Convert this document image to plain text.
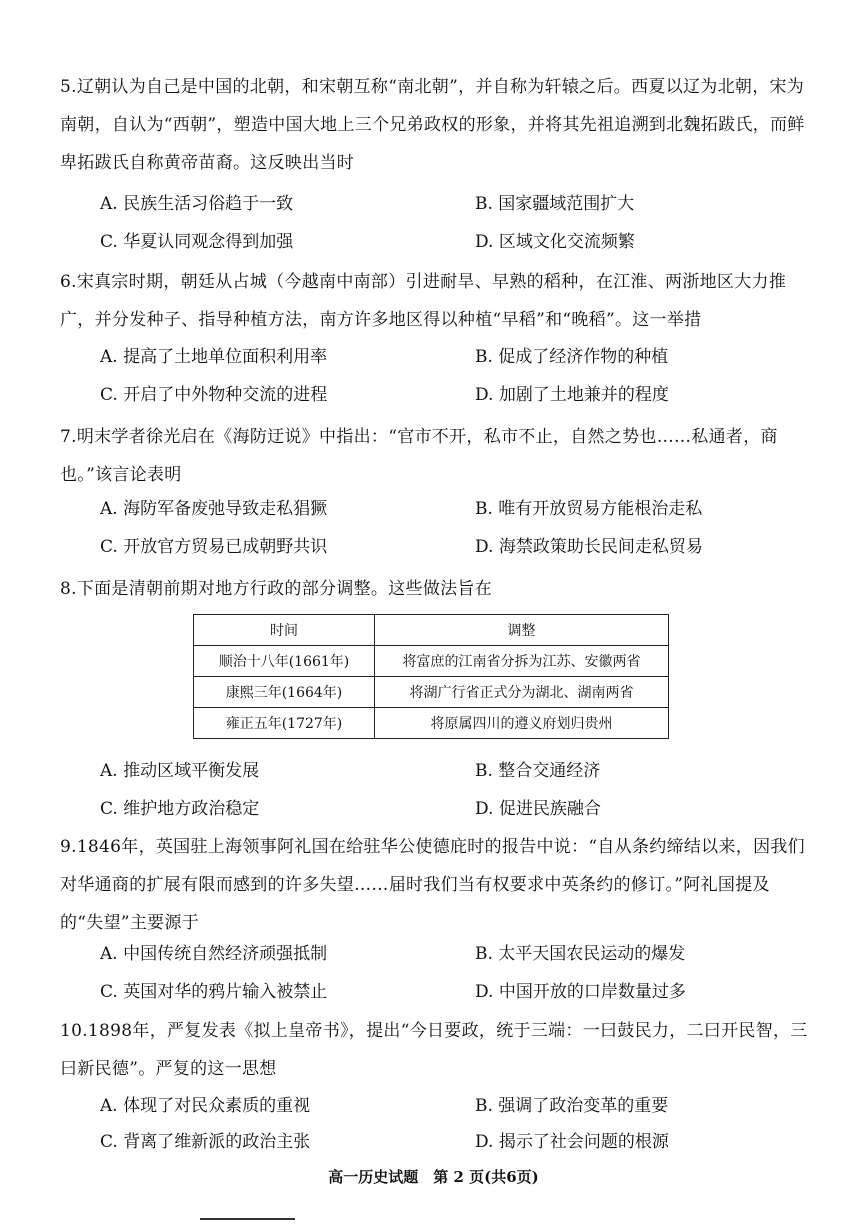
5.辽朝认为自己是中国的北朝，和宋朝互称“南北朝”，并自称为轩辕之后。西夏以辽为北朝，宋为南朝，自认为“西朝”，塑造中国大地上三个兄弟政权的形象，并将其先祖追溯到北魏拓跋氏，而鲜卑拓跋氏自称黄帝苗裔。这反映出当时
A. 民族生活习俗趋于一致	B. 国家疆域范围扩大
C. 华夏认同观念得到加强	D. 区域文化交流频繁
6.宋真宗时期，朝廷从占城（今越南中南部）引进耐旱、早熟的稻种，在江淮、两浙地区大力推广，并分发种子、指导种植方法，南方许多地区得以种植“早稻”和“晚稻”。这一举措
A. 提高了土地单位面积利用率	B. 促成了经济作物的种植
C. 开启了中外物种交流的进程	D. 加剧了土地兼并的程度
7.明末学者徐光启在《海防迂说》中指出：“官市不开，私市不止，自然之势也……私通者，商也。”该言论表明
A. 海防军备废弛导致走私猖獗	B. 唯有开放贸易方能根治走私
C. 开放官方贸易已成朝野共识	D. 海禁政策助长民间走私贸易
8.下面是清朝前期对地方行政的部分调整。这些做法旨在
时间	调整
顺治十八年(1661年)	将富庶的江南省分拆为江苏、安徽两省
康熙三年(1664年)	将湖广行省正式分为湖北、湖南两省
雍正五年(1727年)	将原属四川的遵义府划归贵州
A. 推动区域平衡发展	B. 整合交通经济
C. 维护地方政治稳定	D. 促进民族融合
9.1846年，英国驻上海领事阿礼国在给驻华公使德庇时的报告中说：“自从条约缔结以来，因我们对华通商的扩展有限而感到的许多失望……届时我们当有权要求中英条约的修订。”阿礼国提及的“失望”主要源于
A. 中国传统自然经济顽强抵制	B. 太平天国农民运动的爆发
C. 英国对华的鸦片输入被禁止	D. 中国开放的口岸数量过多
10.1898年，严复发表《拟上皇帝书》，提出“今日要政，统于三端：一曰鼓民力，二曰开民智，三曰新民德”。严复的这一思想
A. 体现了对民众素质的重视	B. 强调了政治变革的重要
C. 背离了维新派的政治主张	D. 揭示了社会问题的根源
高一历史试题　第 2 页(共6页)
